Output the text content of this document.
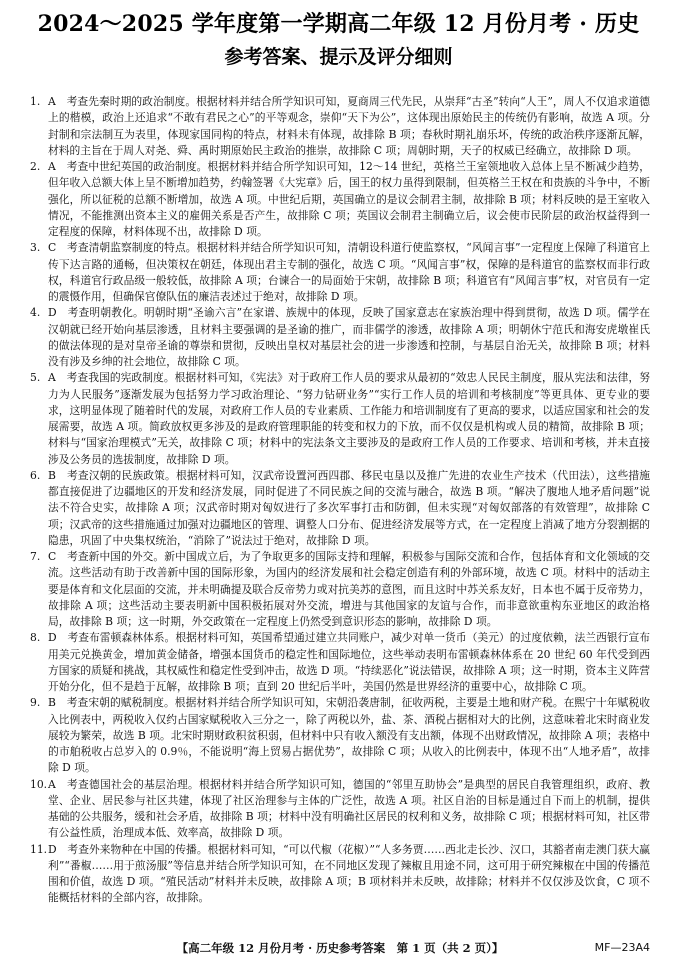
2024～2025 学年度第一学期高二年级 12 月份月考 · 历史
参考答案、提示及评分细则

1. A　考查先秦时期的政治制度。根据材料并结合所学知识可知，夏商周三代先民，从崇拜“古圣”转向“人王”，周人不仅追求道德上的楷模，政治上还追求“不敢有君民之心”的平等观念，崇仰“天下为公”，这体现出原始民主的传统仍有影响，故选 A 项。分封制和宗法制互为表里，体现家国同构的特点，材料未有体现，故排除 B 项；春秋时期礼崩乐坏，传统的政治秩序逐渐瓦解，材料的主旨在于周人对尧、舜、禹时期原始民主政治的推崇，故排除 C 项；周朝时期，天子的权威已经确立，故排除 D 项。

2. A　考查中世纪英国的政治制度。根据材料并结合所学知识可知，12～14 世纪，英格兰王室领地收入总体上呈不断减少趋势，但年收入总额大体上呈不断增加趋势，约翰签署《大宪章》后，国王的权力虽得到限制，但英格兰王权在和贵族的斗争中，不断强化，所以征税的总额不断增加，故选 A 项。中世纪后期，英国确立的是议会制君主制，故排除 B 项；材料反映的是王室收入情况，不能推测出资本主义的雇佣关系是否产生，故排除 C 项；英国议会制君主制确立后，议会使市民阶层的政治权益得到一定程度的保障，材料体现不出，故排除 D 项。

3. C　考查清朝监察制度的特点。根据材料并结合所学知识可知，清朝设科道行使监察权，“风闻言事”一定程度上保障了科道官上传下达言路的通畅，但决策权在朝廷，体现出君主专制的强化，故选 C 项。“风闻言事”权，保障的是科道官的监察权而非行政权，科道官行政品级一般较低，故排除 A 项；台谏合一的局面始于宋朝，故排除 B 项；科道官有“风闻言事”权，对官员有一定的震慑作用，但确保官僚队伍的廉洁表述过于绝对，故排除 D 项。

4. D　考查明朝教化。明朝时期“圣谕六言”在家谱、族规中的体现，反映了国家意志在家族治理中得到贯彻，故选 D 项。儒学在汉朝就已经开始向基层渗透，且材料主要强调的是圣谕的推广，而非儒学的渗透，故排除 A 项；明朝休宁范氏和海安虎墩崔氏的做法体现的是对皇帝圣谕的尊崇和贯彻，反映出皇权对基层社会的进一步渗透和控制，与基层自治无关，故排除 B 项；材料没有涉及乡绅的社会地位，故排除 C 项。

5. A　考查我国的宪政制度。根据材料可知，《宪法》对于政府工作人员的要求从最初的“效忠人民民主制度，服从宪法和法律，努力为人民服务”逐渐发展为包括努力学习政治理论、“努力钻研业务”“实行工作人员的培训和考核制度”等更具体、更专业的要求，这明显体现了随着时代的发展，对政府工作人员的专业素质、工作能力和培训制度有了更高的要求，以适应国家和社会的发展需要，故选 A 项。简政放权更多涉及的是政府管理职能的转变和权力的下放，而不仅仅是机构或人员的精简，故排除 B 项；材料与“国家治理模式”无关，故排除 C 项；材料中的宪法条文主要涉及的是政府工作人员的工作要求、培训和考核，并未直接涉及公务员的选拔制度，故排除 D 项。

6. B　考查汉朝的民族政策。根据材料可知，汉武帝设置河西四郡、移民屯垦以及推广先进的农业生产技术（代田法），这些措施都直接促进了边疆地区的开发和经济发展，同时促进了不同民族之间的交流与融合，故选 B 项。“解决了腹地人地矛盾问题”说法不符合史实，故排除 A 项；汉武帝时期对匈奴进行了多次军事打击和防御，但未实现“对匈奴部落的有效管理”，故排除 C 项；汉武帝的这些措施通过加强对边疆地区的管理、调整人口分布、促进经济发展等方式，在一定程度上消减了地方分裂割据的隐患，巩固了中央集权统治，“消除了”说法过于绝对，故排除 D 项。

7. C　考查新中国的外交。新中国成立后，为了争取更多的国际支持和理解，积极参与国际交流和合作，包括体育和文化领域的交流。这些活动有助于改善新中国的国际形象，为国内的经济发展和社会稳定创造有利的外部环境，故选 C 项。材料中的活动主要是体育和文化层面的交流，并未明确提及联合反帝势力或对抗美苏的意图，而且这时中苏关系友好，日本也不属于反帝势力，故排除 A 项；这些活动主要表明新中国积极拓展对外交流，增进与其他国家的友谊与合作，而非意欲重构东亚地区的政治格局，故排除 B 项；这一时期，外交政策在一定程度上仍然受到意识形态的影响，故排除 D 项。

8. D　考查布雷顿森林体系。根据材料可知，英国希望通过建立共同账户，减少对单一货币（美元）的过度依赖，法兰西银行宣布用美元兑换黄金，增加黄金储备，增强本国货币的稳定性和国际地位，这些举动表明布雷顿森林体系在 20 世纪 60 年代受到西方国家的质疑和挑战，其权威性和稳定性受到冲击，故选 D 项。“持续恶化”说法错误，故排除 A 项；这一时期，资本主义阵营开始分化，但不是趋于瓦解，故排除 B 项；直到 20 世纪后半叶，美国仍然是世界经济的重要中心，故排除 C 项。

9. B　考查宋朝的赋税制度。根据材料并结合所学知识可知，宋朝沿袭唐制，征收两税，主要是土地和财产税。在熙宁十年赋税收入比例表中，两税收入仅约占国家赋税收入三分之一，除了两税以外，盐、茶、酒税占据相对大的比例，这意味着北宋时商业发展较为繁荣，故选 B 项。北宋时期财政积贫积弱，但材料中只有收入额没有支出额，体现不出财政情况，故排除 A 项；表格中的市舶税收占总岁入的 0.9％，不能说明“海上贸易占据优势”，故排除 C 项；从收入的比例表中，体现不出“人地矛盾”，故排除 D 项。

10. A　考查德国社会的基层治理。根据材料并结合所学知识可知，德国的“邻里互助协会”是典型的居民自我管理组织，政府、教堂、企业、居民参与社区共建，体现了社区治理参与主体的广泛性，故选 A 项。社区自治的目标是通过自下而上的机制，提供基础的公共服务，缓和社会矛盾，故排除 B 项；材料中没有明确社区居民的权利和义务，故排除 C 项；根据材料可知，社区带有公益性质，治理成本低、效率高，故排除 D 项。

11. D　考查外来物种在中国的传播。根据材料可知，“可以代椒（花椒）”“人多务贾……西北走长沙、汉口，其豁者南走澳门获大赢利”“番椒……用于煎汤服”等信息并结合所学知识可知，在不同地区发现了辣椒且用途不同，这可用于研究辣椒在中国的传播范围和价值，故选 D 项。“殖民活动”材料并未反映，故排除 A 项；B 项材料并未反映，故排除；材料并不仅仅涉及饮食，C 项不能概括材料的全部内容，故排除。

【高二年级 12 月份月考 · 历史参考答案　第 1 页（共 2 页）】	MF—23A4
